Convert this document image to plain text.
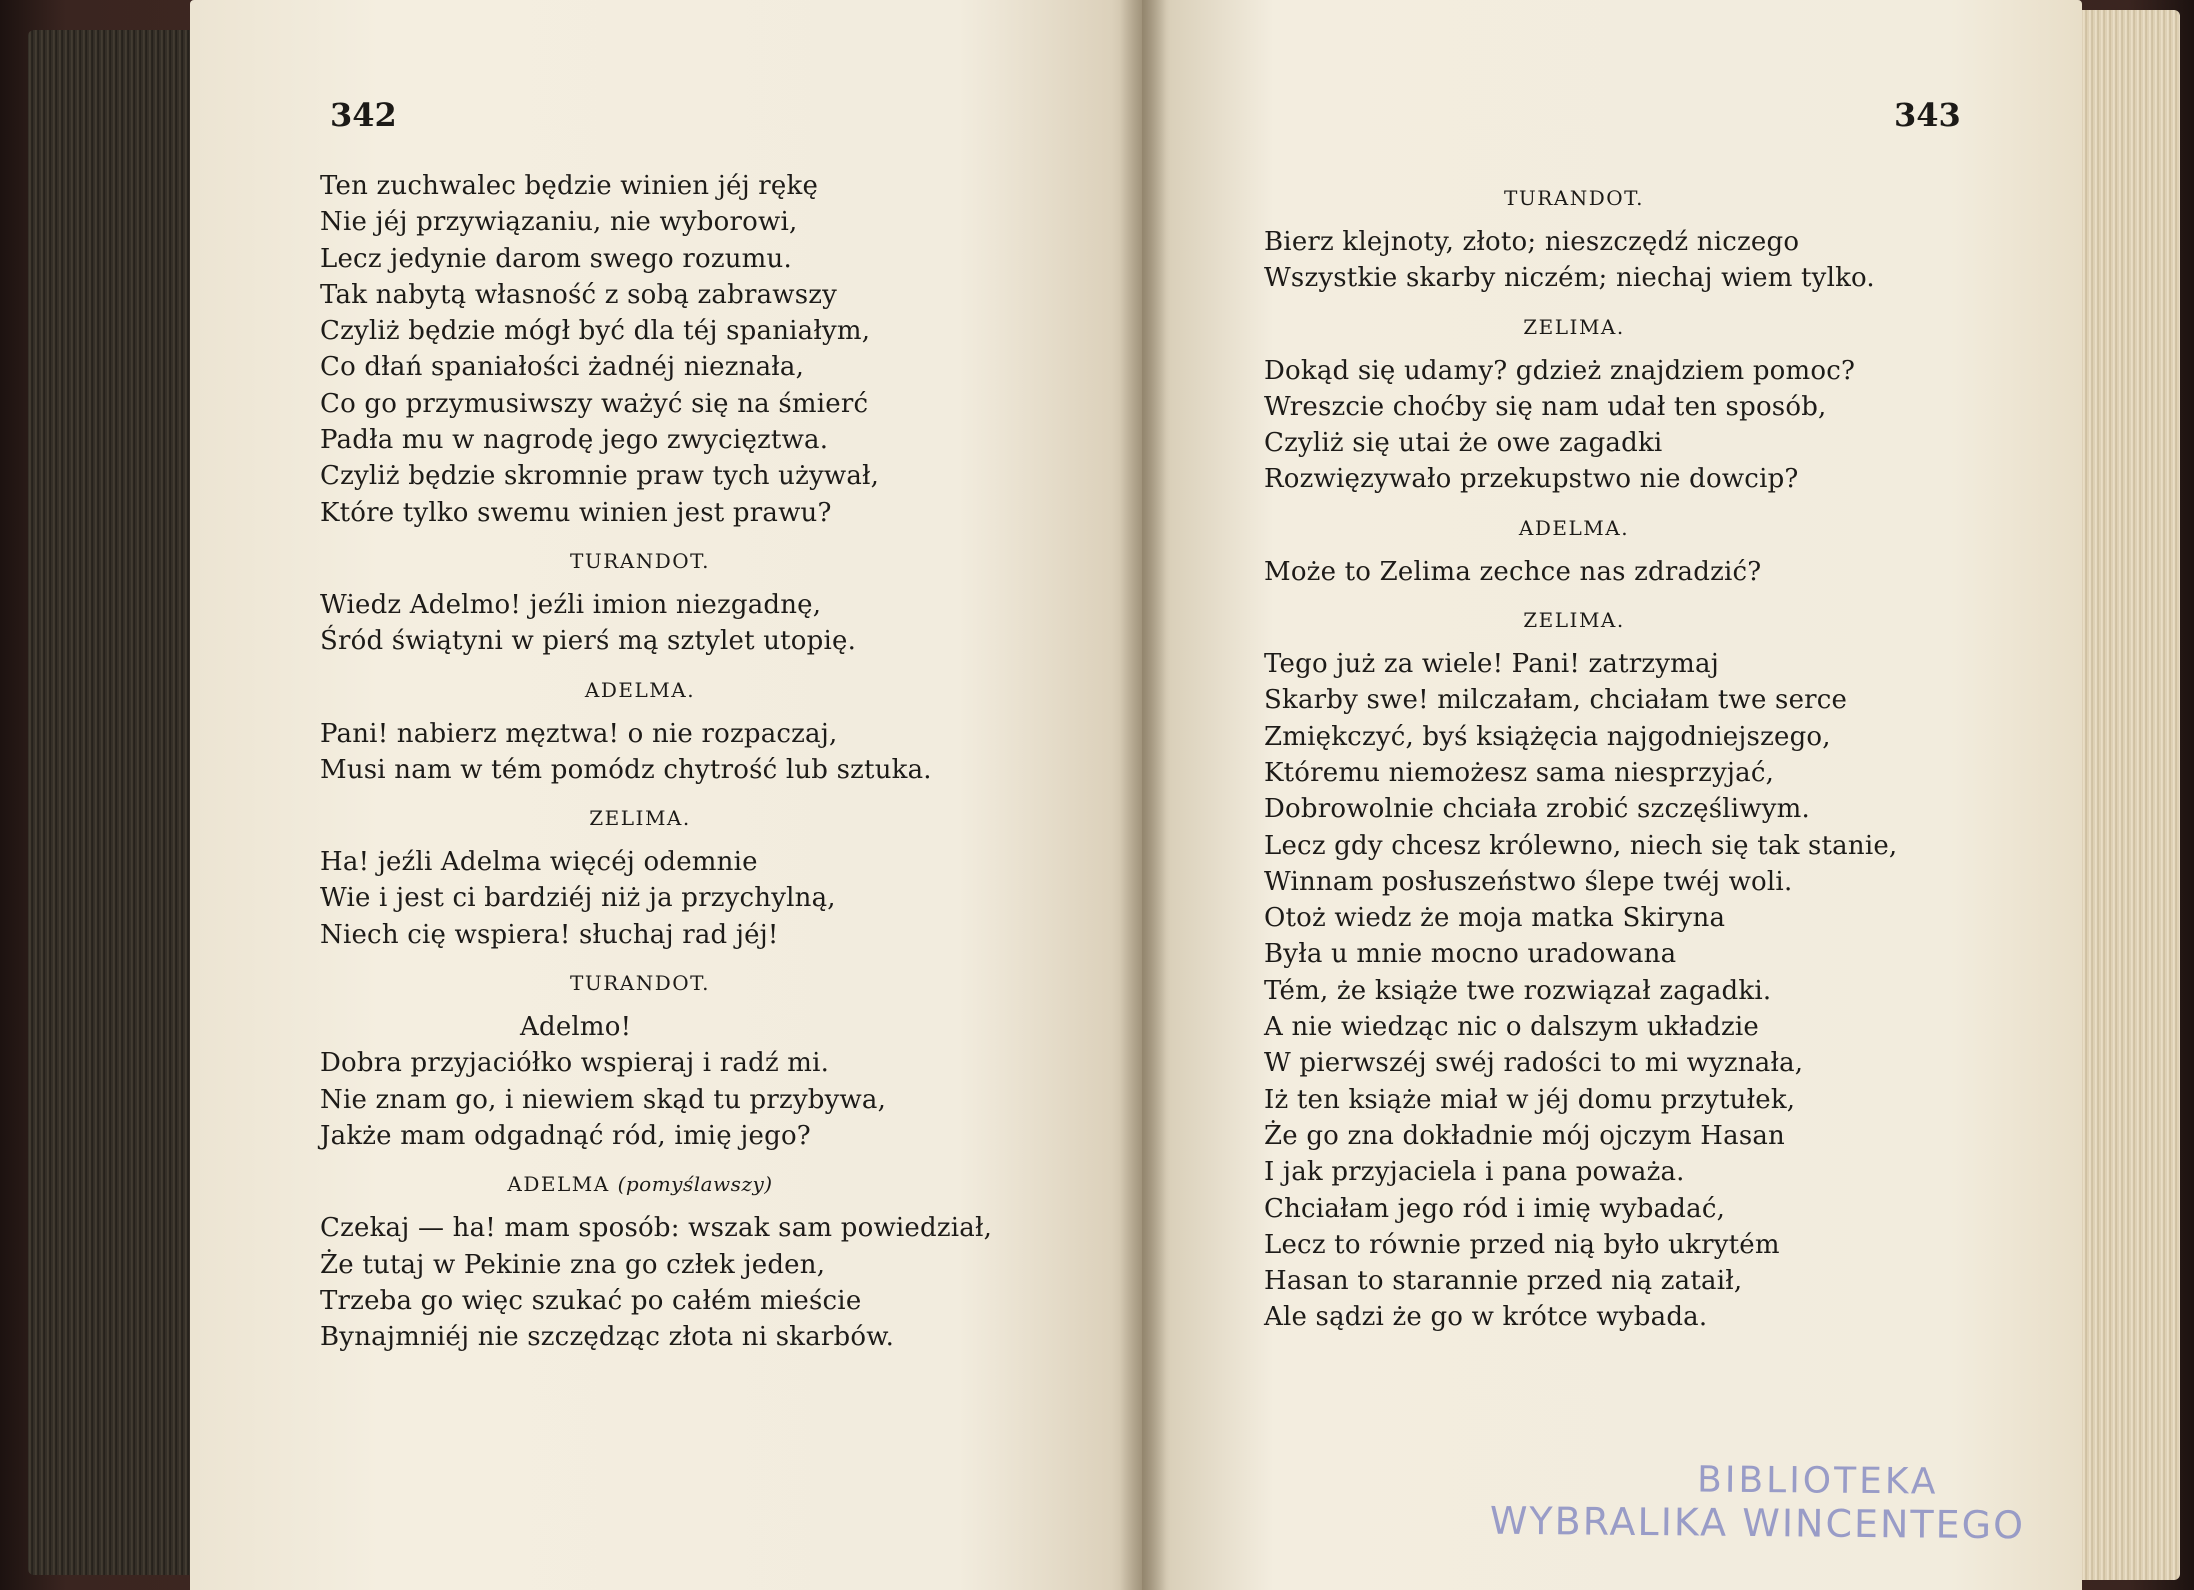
342
Ten zuchwalec będzie winien jéj rękę
Nie jéj przywiązaniu, nie wyborowi,
Lecz jedynie darom swego rozumu.
Tak nabytą własność z sobą zabrawszy
Czyliż będzie mógł być dla téj spaniałym,
Co dłań spaniałości żadnéj nieznała,
Co go przymusiwszy ważyć się na śmierć
Padła mu w nagrodę jego zwycięztwa.
Czyliż będzie skromnie praw tych używał,
Które tylko swemu winien jest prawu?
TURANDOT.
Wiedz Adelmo! jeźli imion niezgadnę,
Śród świątyni w pierś mą sztylet utopię.
ADELMA.
Pani! nabierz męztwa! o nie rozpaczaj,
Musi nam w tém pomódz chytrość lub sztuka.
ZELIMA.
Ha! jeźli Adelma więcéj odemnie
Wie i jest ci bardziéj niż ja przychylną,
Niech cię wspiera! słuchaj rad jéj!
TURANDOT.
Adelmo!
Dobra przyjaciółko wspieraj i radź mi.
Nie znam go, i niewiem skąd tu przybywa,
Jakże mam odgadnąć ród, imię jego?
ADELMA (pomyślawszy)
Czekaj — ha! mam sposób: wszak sam powiedział,
Że tutaj w Pekinie zna go człek jeden,
Trzeba go więc szukać po całém mieście
Bynajmniéj nie szczędząc złota ni skarbów.
343
TURANDOT.
Bierz klejnoty, złoto; nieszczędź niczego
Wszystkie skarby niczém; niechaj wiem tylko.
ZELIMA.
Dokąd się udamy? gdzież znajdziem pomoc?
Wreszcie choćby się nam udał ten sposób,
Czyliż się utai że owe zagadki
Rozwięzywało przekupstwo nie dowcip?
ADELMA.
Może to Zelima zechce nas zdradzić?
ZELIMA.
Tego już za wiele! Pani! zatrzymaj
Skarby swe! milczałam, chciałam twe serce
Zmiękczyć, byś książęcia najgodniejszego,
Któremu niemożesz sama niesprzyjać,
Dobrowolnie chciała zrobić szczęśliwym.
Lecz gdy chcesz królewno, niech się tak stanie,
Winnam posłuszeństwo ślepe twéj woli.
Otoż wiedz że moja matka Skiryna
Była u mnie mocno uradowana
Tém, że książe twe rozwiązał zagadki.
A nie wiedząc nic o dalszym układzie
W pierwszéj swéj radości to mi wyznała,
Iż ten książe miał w jéj domu przytułek,
Że go zna dokładnie mój ojczym Hasan
I jak przyjaciela i pana poważa.
Chciałam jego ród i imię wybadać,
Lecz to równie przed nią było ukrytém
Hasan to starannie przed nią zataił,
Ale sądzi że go w krótce wybada.
BIBLIOTEKA
WYBRALIKA WINCENTEGO
